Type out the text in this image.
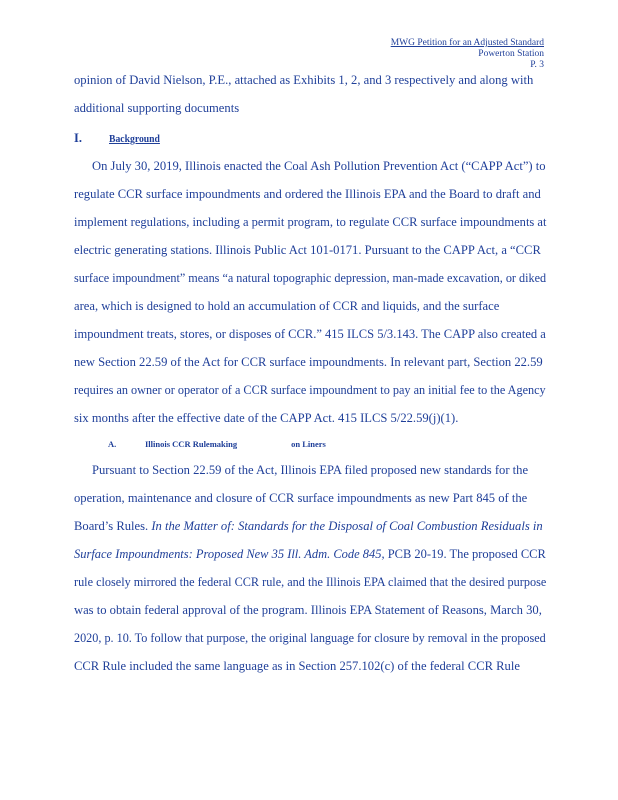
MWG Petition for an Adjusted Standard
Powerton Station
P. 3
opinion of David Nielson, P.E., attached as Exhibits 1, 2, and 3 respectively and along with
additional supporting documents
I. Background
On July 30, 2019, Illinois enacted the Coal Ash Pollution Prevention Act (“CAPP Act”) to
regulate CCR surface impoundments and ordered the Illinois EPA and the Board to draft and
implement regulations, including a permit program, to regulate CCR surface impoundments at
electric generating stations. Illinois Public Act 101-0171. Pursuant to the CAPP Act, a “CCR
surface impoundment” means “a natural topographic depression, man-made excavation, or diked
area, which is designed to hold an accumulation of CCR and liquids, and the surface
impoundment treats, stores, or disposes of CCR.” 415 ILCS 5/3.143. The CAPP also created a
new Section 22.59 of the Act for CCR surface impoundments. In relevant part, Section 22.59
requires an owner or operator of a CCR surface impoundment to pay an initial fee to the Agency
six months after the effective date of the CAPP Act. 415 ILCS 5/22.59(j)(1).
A.	Illinois CCR Rulemaking	on Liners
Pursuant to Section 22.59 of the Act, Illinois EPA filed proposed new standards for the
operation, maintenance and closure of CCR surface impoundments as new Part 845 of the
Board’s Rules. In the Matter of: Standards for the Disposal of Coal Combustion Residuals in
Surface Impoundments: Proposed New 35 Ill. Adm. Code 845, PCB 20-19. The proposed CCR
rule closely mirrored the federal CCR rule, and the Illinois EPA claimed that the desired purpose
was to obtain federal approval of the program. Illinois EPA Statement of Reasons, March 30,
2020, p. 10. To follow that purpose, the original language for closure by removal in the proposed
CCR Rule included the same language as in Section 257.102(c) of the federal CCR Rule
